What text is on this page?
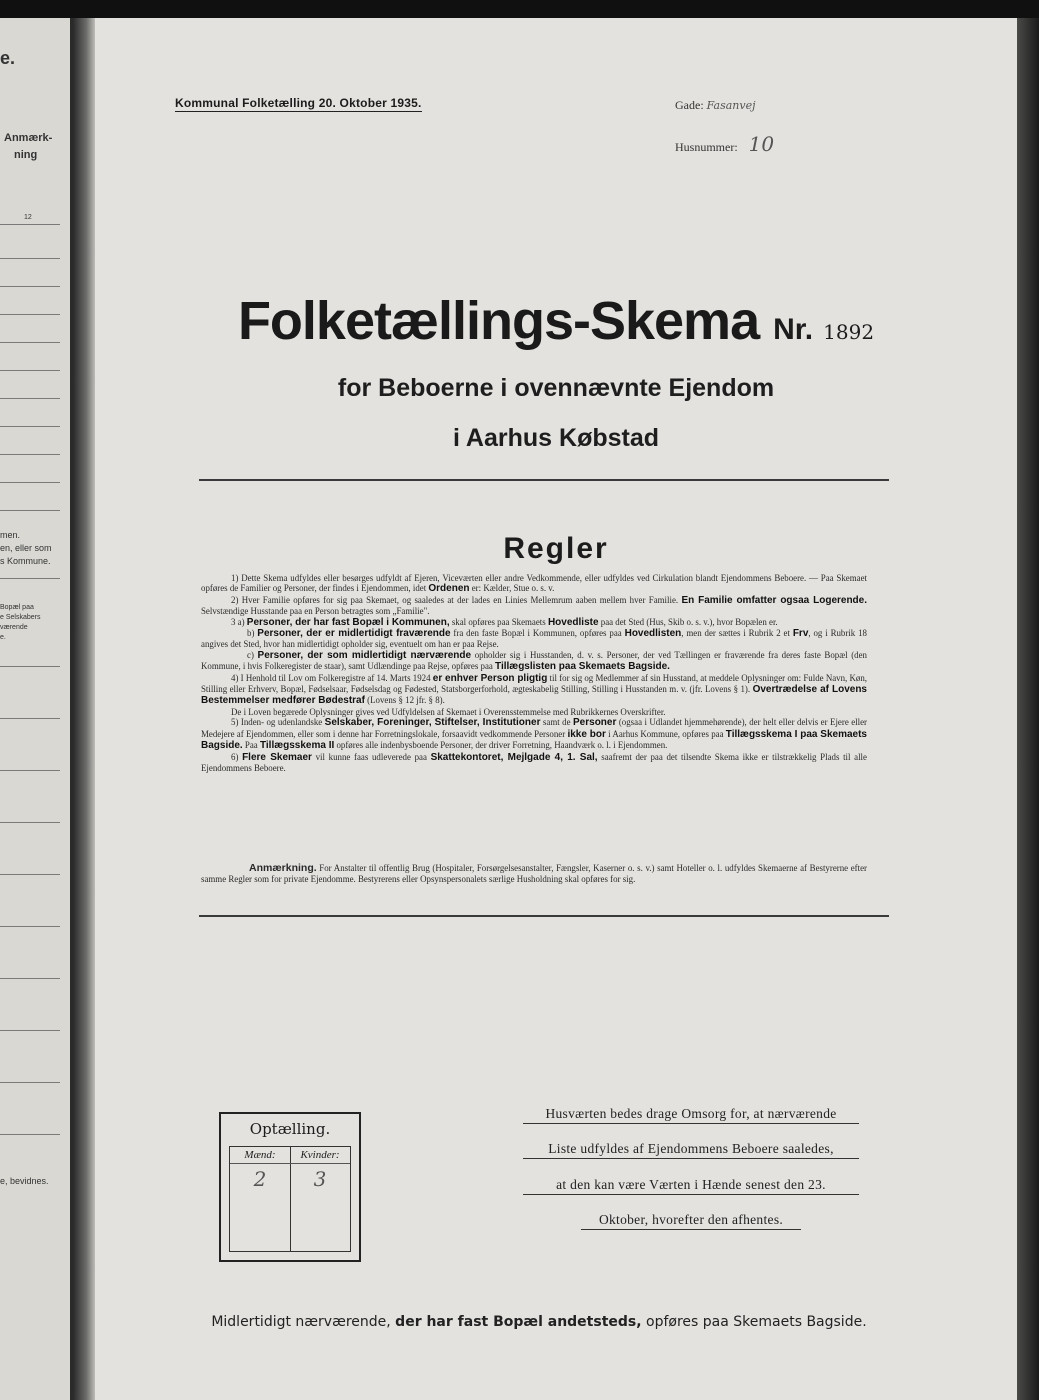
e.
Anmærk-
ning
12
men.
en, eller som
s Kommune.
Bopæl paa
e Selskabers
værende
e.
e, bevidnes.
Kommunal Folketælling 20. Oktober 1935.	Gade: Fasanvej
Husnummer: 10
Folketællings-Skema Nr. 1892
for Beboerne i ovennævnte Ejendom
i Aarhus Købstad
Regler

1) Dette Skema udfyldes eller besørges udfyldt af Ejeren, Viceværten eller andre Vedkommende, eller udfyldes ved Cirkulation blandt Ejendommens Beboere. — Paa Skemaet opføres de Familier og Personer, der findes i Ejendommen, idet Ordenen er: Kælder, Stue o. s. v.

2) Hver Familie opføres for sig paa Skemaet, og saaledes at der lades en Linies Mellemrum aaben mellem hver Familie. En Familie omfatter ogsaa Logerende. Selvstændige Husstande paa en Person betragtes som „Familie".

3 a) Personer, der har fast Bopæl i Kommunen, skal opføres paa Skemaets Hovedliste paa det Sted (Hus, Skib o. s. v.), hvor Bopælen er.

b) Personer, der er midlertidigt fraværende fra den faste Bopæl i Kommunen, opføres paa Hovedlisten, men der sættes i Rubrik 2 et Frv, og i Rubrik 18 angives det Sted, hvor han midlertidigt opholder sig, eventuelt om han er paa Rejse.

c) Personer, der som midlertidigt nærværende opholder sig i Husstanden, d. v. s. Personer, der ved Tællingen er fraværende fra deres faste Bopæl (den Kommune, i hvis Folkeregister de staar), samt Udlændinge paa Rejse, opføres paa Tillægslisten paa Skemaets Bagside.

4) I Henhold til Lov om Folkeregistre af 14. Marts 1924 er enhver Person pligtig til for sig og Medlemmer af sin Husstand, at meddele Oplysninger om: Fulde Navn, Køn, Stilling eller Erhverv, Bopæl, Fødselsaar, Fødselsdag og Fødested, Statsborgerforhold, ægteskabelig Stilling, Stilling i Husstanden m. v. (jfr. Lovens § 1). Overtrædelse af Lovens Bestemmelser medfører Bødestraf (Lovens § 12 jfr. § 8).

De i Loven begærede Oplysninger gives ved Udfyldelsen af Skemaet i Overensstemmelse med Rubrikkernes Overskrifter.

5) Inden- og udenlandske Selskaber, Foreninger, Stiftelser, Institutioner samt de Personer (ogsaa i Udlandet hjemmehørende), der helt eller delvis er Ejere eller Medejere af Ejendommen, eller som i denne har Forretningslokale, forsaavidt vedkommende Personer ikke bor i Aarhus Kommune, opføres paa Tillægsskema I paa Skemaets Bagside. Paa Tillægsskema II opføres alle indenbysboende Personer, der driver Forretning, Haandværk o. l. i Ejendommen.

6) Flere Skemaer vil kunne faas udleverede paa Skattekontoret, Mejlgade 4, 1. Sal, saafremt der paa det tilsendte Skema ikke er tilstrækkelig Plads til alle Ejendommens Beboere.

Anmærkning. For Anstalter til offentlig Brug (Hospitaler, Forsørgelsesanstalter, Fængsler, Kaserner o. s. v.) samt Hoteller o. l. udfyldes Skemaerne af Bestyrerne efter samme Regler som for private Ejendomme. Bestyrerens eller Opsynspersonalets særlige Husholdning skal opføres for sig.

Optælling.
Mænd:	Kvinder:
2	3
Husværten bedes drage Omsorg for, at nærværende
Liste udfyldes af Ejendommens Beboere saaledes,
at den kan være Værten i Hænde senest den 23.
Oktober, hvorefter den afhentes.
Midlertidigt nærværende, der har fast Bopæl andetsteds, opføres paa Skemaets Bagside.
